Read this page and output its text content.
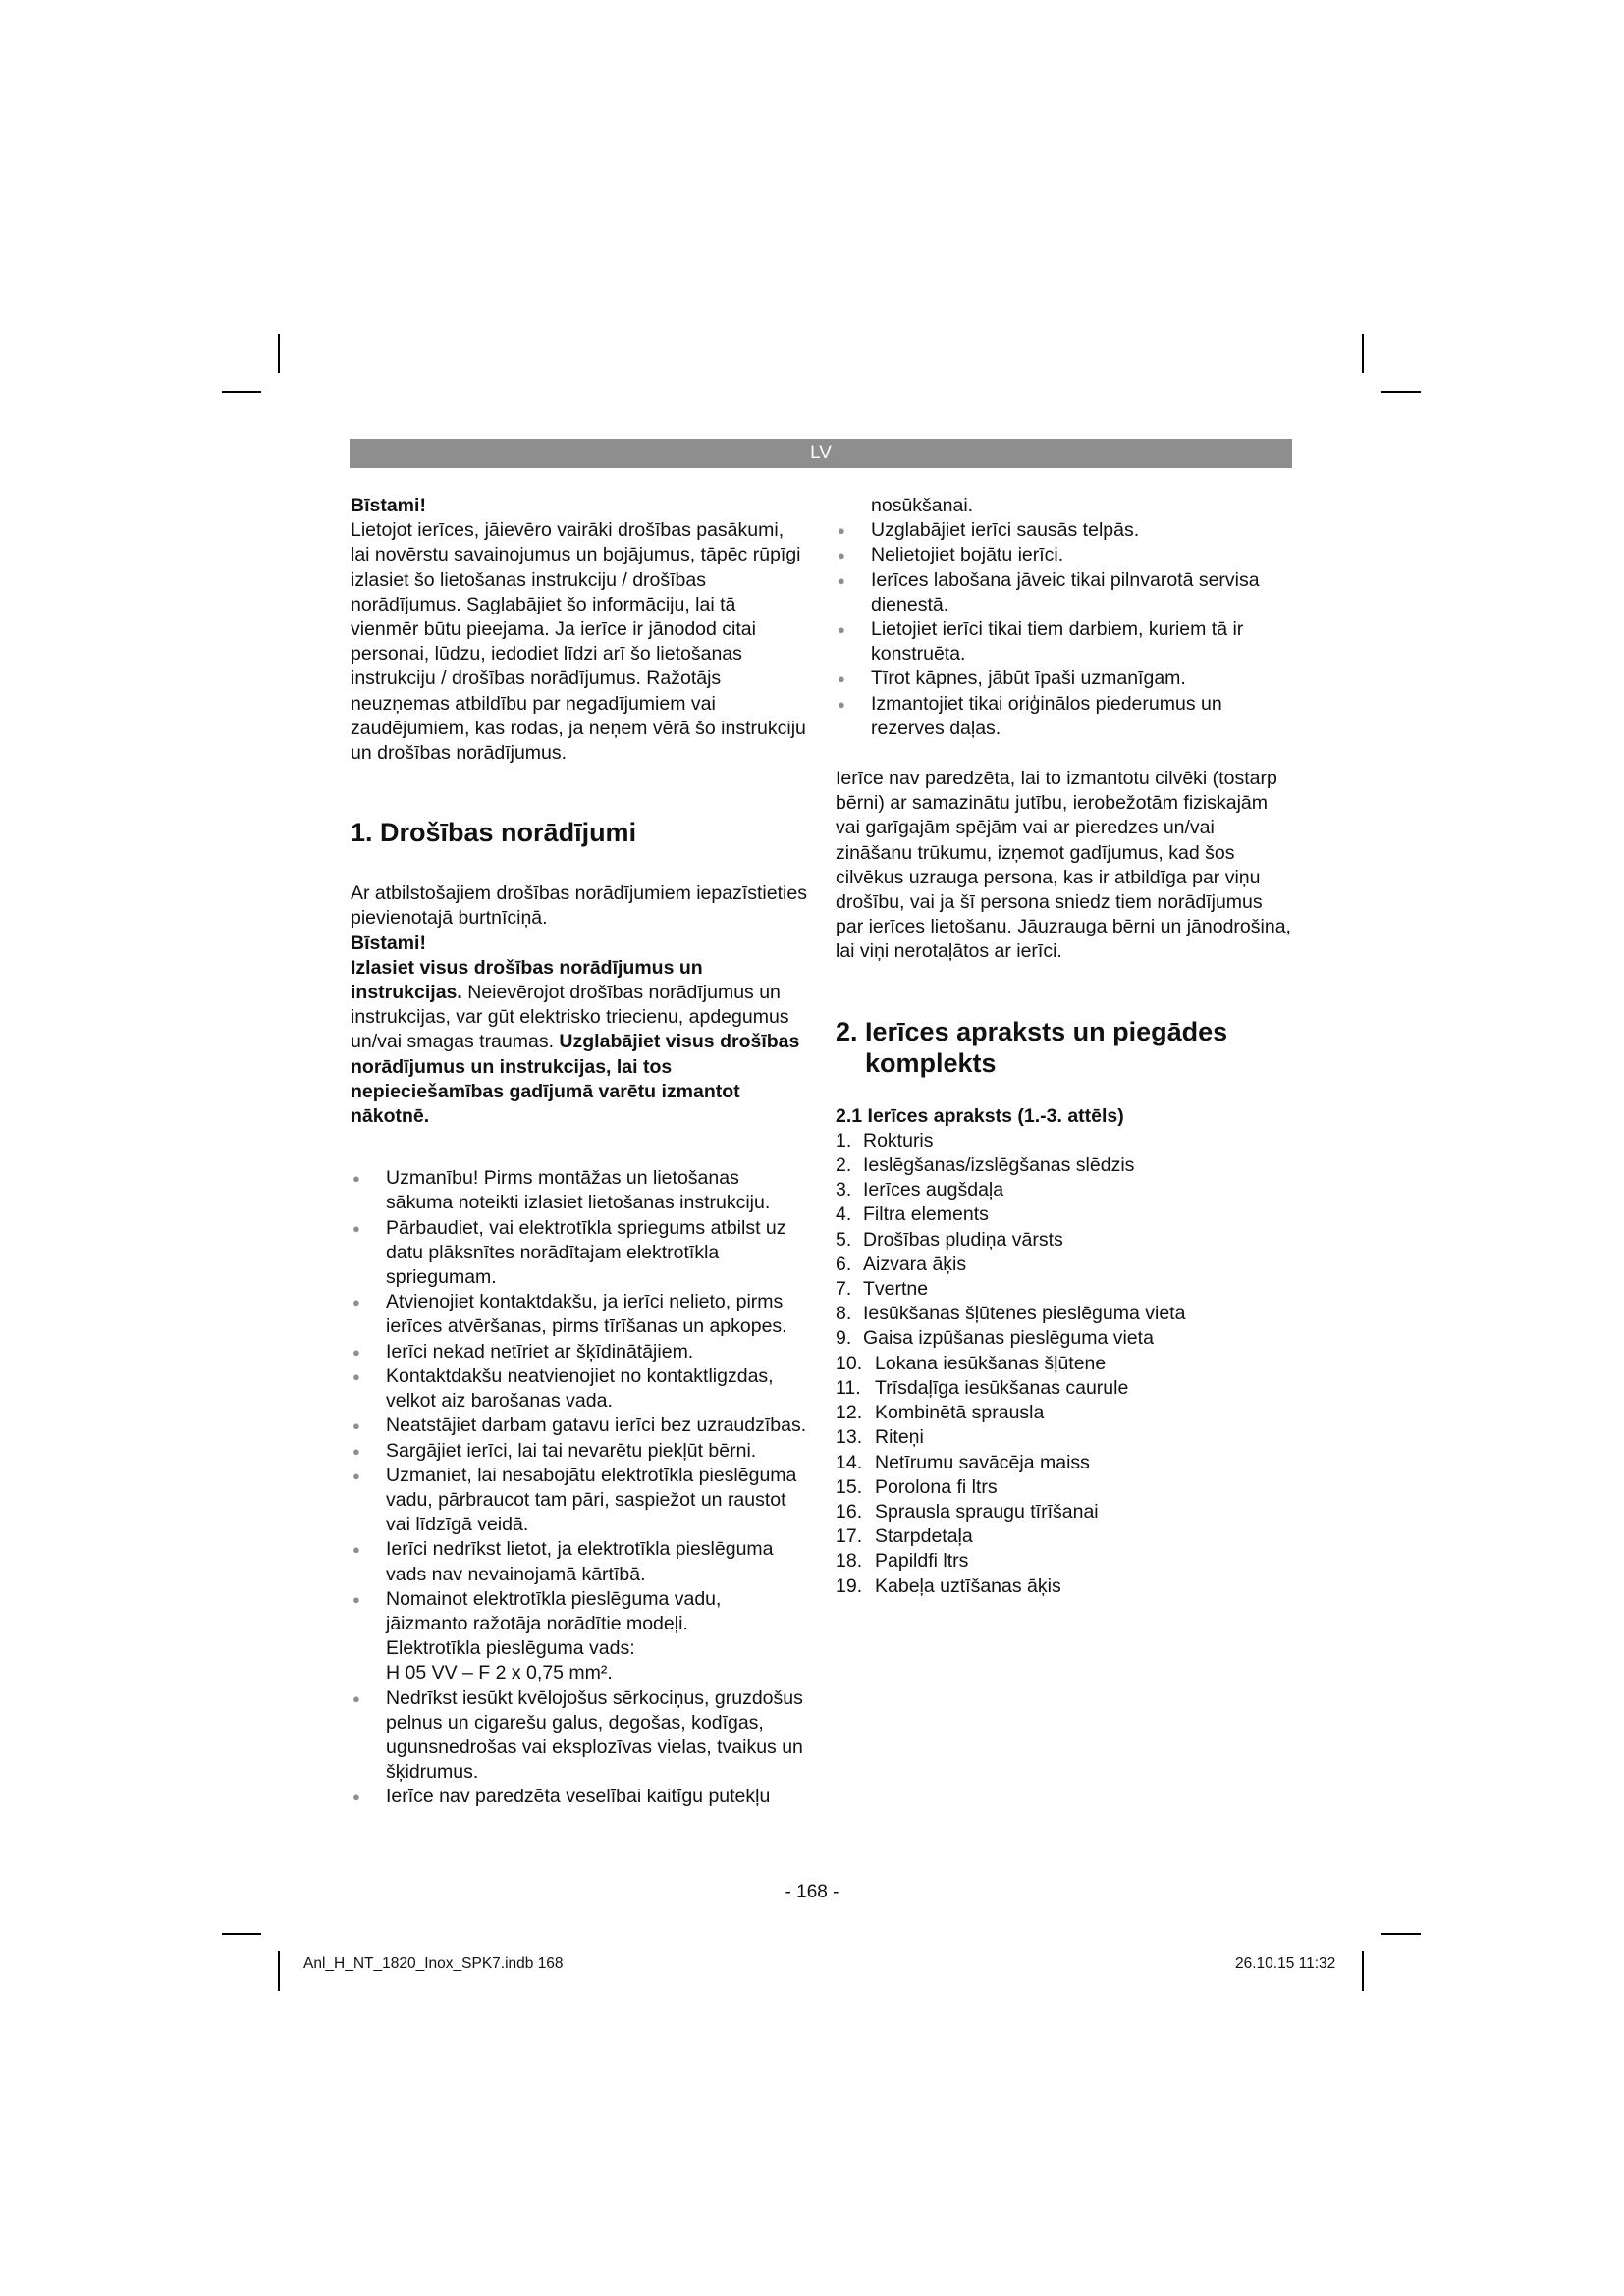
LV

Bīstami!

Lietojot ierīces, jāievēro vairāki drošības pasākumi, lai novērstu savainojumus un bojājumus, tāpēc rūpīgi izlasiet šo lietošanas instrukciju / drošības norādījumus. Saglabājiet šo informāciju, lai tā vienmēr būtu pieejama. Ja ierīce ir jānodod citai personai, lūdzu, iedodiet līdzi arī šo lietošanas instrukciju / drošības norādījumus. Ražotājs neuzņemas atbildību par negadījumiem vai zaudējumiem, kas rodas, ja neņem vērā šo instrukciju un drošības norādījumus.

1. Drošības norādījumi

Ar atbilstošajiem drošības norādījumiem iepazīstieties pievienotajā burtnīciņā.

Bīstami!

Izlasiet visus drošības norādījumus un instrukcijas. Neievērojot drošības norādījumus un instrukcijas, var gūt elektrisko triecienu, apdegumus un/vai smagas traumas. Uzglabājiet visus drošības norādījumus un instrukcijas, lai tos nepieciešamības gadījumā varētu izmantot nākotnē.

● Uzmanību! Pirms montāžas un lietošanas sākuma noteikti izlasiet lietošanas instrukciju.
● Pārbaudiet, vai elektrotīkla spriegums atbilst uz datu plāksnītes norādītajam elektrotīkla spriegumam.
● Atvienojiet kontaktdakšu, ja ierīci nelieto, pirms ierīces atvēršanas, pirms tīrīšanas un apkopes.
● Ierīci nekad netīriet ar šķīdinātājiem.
● Kontaktdakšu neatvienojiet no kontaktligzdas, velkot aiz barošanas vada.
● Neatstājiet darbam gatavu ierīci bez uzraudzības.
● Sargājiet ierīci, lai tai nevarētu piekļūt bērni.
● Uzmaniet, lai nesabojātu elektrotīkla pieslēguma vadu, pārbraucot tam pāri, saspiežot un raustot vai līdzīgā veidā.
● Ierīci nedrīkst lietot, ja elektrotīkla pieslēguma vads nav nevainojamā kārtībā.
● Nomainot elektrotīkla pieslēguma vadu, jāizmanto ražotāja norādītie modeļi.
Elektrotīkla pieslēguma vads:
H 05 VV – F 2 x 0,75 mm².
● Nedrīkst iesūkt kvēlojošus sērkociņus, gruzdošus pelnus un cigarešu galus, degošas, kodīgas, ugunsnedrošas vai eksplozīvas vielas, tvaikus un šķidrumus.
● Ierīce nav paredzēta veselībai kaitīgu putekļu

nosūkšanai.

● Uzglabājiet ierīci sausās telpās.
● Nelietojiet bojātu ierīci.
● Ierīces labošana jāveic tikai pilnvarotā servisa dienestā.
● Lietojiet ierīci tikai tiem darbiem, kuriem tā ir konstruēta.
● Tīrot kāpnes, jābūt īpaši uzmanīgam.
● Izmantojiet tikai oriģinālos piederumus un rezerves daļas.

Ierīce nav paredzēta, lai to izmantotu cilvēki (tostarp bērni) ar samazinātu jutību, ierobežotām fiziskajām vai garīgajām spējām vai ar pieredzes un/vai zināšanu trūkumu, izņemot gadījumus, kad šos cilvēkus uzrauga persona, kas ir atbildīga par viņu drošību, vai ja šī persona sniedz tiem norādījumus par ierīces lietošanu. Jāuzrauga bērni un jānodrošina, lai viņi nerotaļātos ar ierīci.

2. Ierīces apraksts un piegādes
komplekts
2.1 Ierīces apraksts (1.-3. attēls)
1. Rokturis
2. Ieslēgšanas/izslēgšanas slēdzis
3. Ierīces augšdaļa
4. Filtra elements
5. Drošības pludiņa vārsts
6. Aizvara āķis
7. Tvertne
8. Iesūkšanas šļūtenes pieslēguma vieta
9. Gaisa izpūšanas pieslēguma vieta
10. Lokana iesūkšanas šļūtene
11. Trīsdaļīga iesūkšanas caurule
12. Kombinētā sprausla
13. Riteņi
14. Netīrumu savācēja maiss
15. Porolona fi ltrs
16. Sprausla spraugu tīrīšanai
17. Starpdetaļa
18. Papildfi ltrs
19. Kabeļa uztīšanas āķis
- 168 -
Anl_H_NT_1820_Inox_SPK7.indb 168	26.10.15 11:32
